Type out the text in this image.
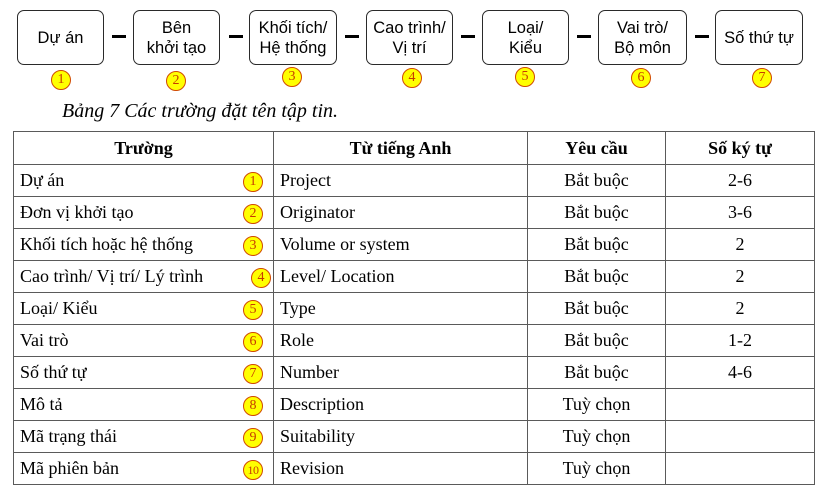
Dự án
Bên
khởi tạo
Khối tích/
Hệ thống
Cao trình/
Vị trí
Loại/
Kiểu
Vai trò/
Bộ môn
Số thứ tự
1	2	3	4	5	6	7
Bảng 7 Các trường đặt tên tập tin.
Trường	Từ tiếng Anh	Yêu cầu	Số ký tự
Dự án 1	Project	Bắt buộc	2-6
Đơn vị khởi tạo 2	Originator	Bắt buộc	3-6
Khối tích hoặc hệ thống 3	Volume or system	Bắt buộc	2
Cao trình/ Vị trí/ Lý trình 4	Level/ Location	Bắt buộc	2
Loại/ Kiểu 5	Type	Bắt buộc	2
Vai trò 6	Role	Bắt buộc	1-2
Số thứ tự 7	Number	Bắt buộc	4-6
Mô tả 8	Description	Tuỳ chọn	
Mã trạng thái 9	Suitability	Tuỳ chọn	
Mã phiên bản 10	Revision	Tuỳ chọn	
